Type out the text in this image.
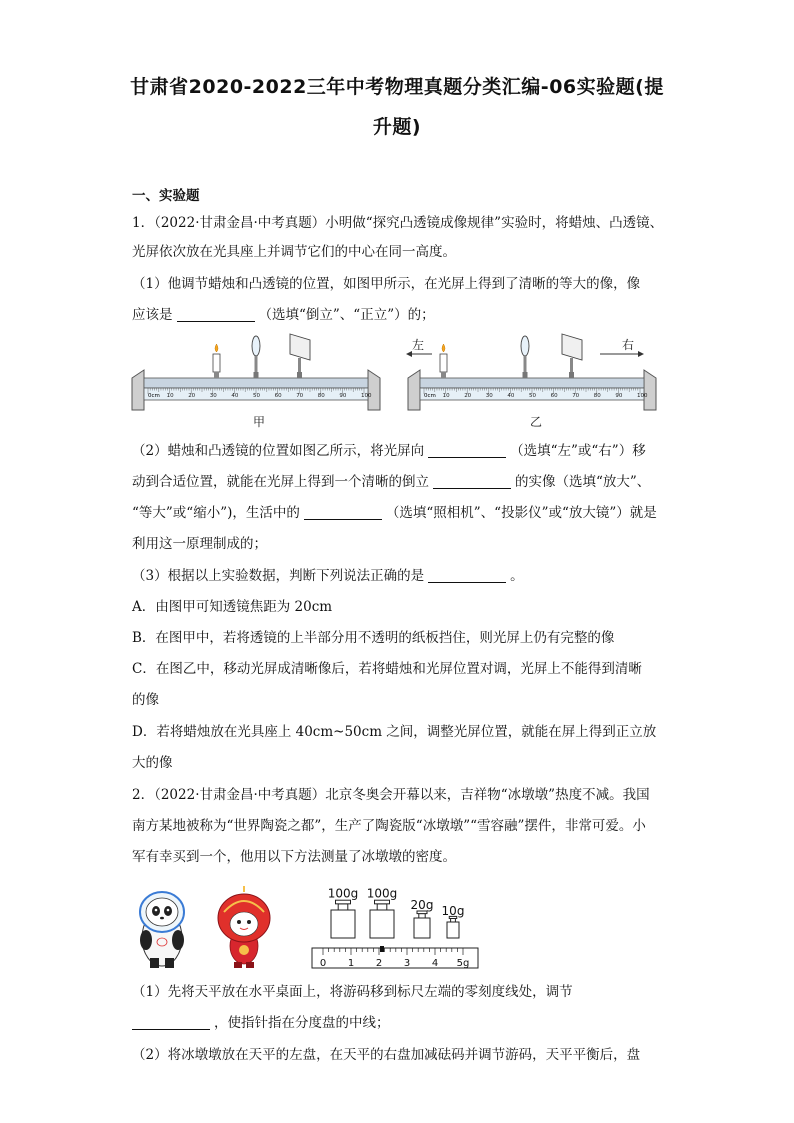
甘肃省2020-2022三年中考物理真题分类汇编-06实验题(提
升题)
一、实验题
1．（2022·甘肃金昌·中考真题）小明做“探究凸透镜成像规律”实验时，将蜡烛、凸透镜、
光屏依次放在光具座上并调节它们的中心在同一高度。
（1）他调节蜡烛和凸透镜的位置，如图甲所示，在光屏上得到了清晰的等大的像，像
应该是	（选填“倒立”、“正立”）的；
0cm 10	20	30	40	50	60	70	80	90	100
甲
0cm 10	20	30	40	50	60	70	80	90	100
左	右
乙
（2）蜡烛和凸透镜的位置如图乙所示，将光屏向	（选填“左”或“右”）移
动到合适位置，就能在光屏上得到一个清晰的倒立	的实像（选填“放大”、
“等大”或“缩小”)，生活中的	（选填“照相机”、“投影仪”或“放大镜”）就是
利用这一原理制成的；
（3）根据以上实验数据，判断下列说法正确的是	。
A．由图甲可知透镜焦距为 20cm
B．在图甲中，若将透镜的上半部分用不透明的纸板挡住，则光屏上仍有完整的像
C．在图乙中，移动光屏成清晰像后，若将蜡烛和光屏位置对调，光屏上不能得到清晰
的像
D．若将蜡烛放在光具座上 40cm~50cm 之间，调整光屏位置，就能在屏上得到正立放
大的像
2．（2022·甘肃金昌·中考真题）北京冬奥会开幕以来，吉祥物“冰墩墩”热度不减。我国
南方某地被称为“世界陶瓷之都”，生产了陶瓷版“冰墩墩”“雪容融”摆件，非常可爱。小
军有幸买到一个，他用以下方法测量了冰墩墩的密度。
100g 100g
20g 10g
0 1 2 3 4 5g
（1）先将天平放在水平桌面上，将游码移到标尺左端的零刻度线处，调节
，使指针指在分度盘的中线；
（2）将冰墩墩放在天平的左盘，在天平的右盘加减砝码并调节游码，天平平衡后，盘
